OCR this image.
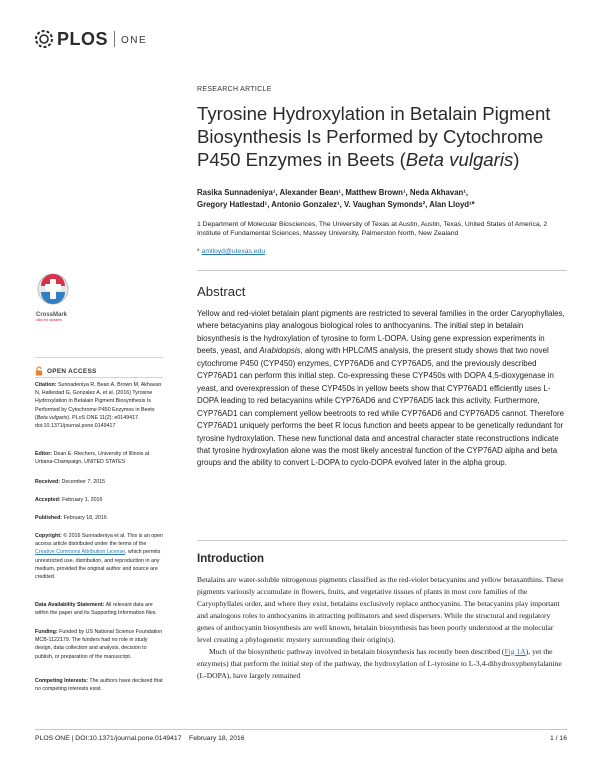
PLOS ONE
RESEARCH ARTICLE
Tyrosine Hydroxylation in Betalain Pigment Biosynthesis Is Performed by Cytochrome P450 Enzymes in Beets (Beta vulgaris)
Rasika Sunnadeniya¹, Alexander Bean¹, Matthew Brown¹, Neda Akhavan¹,
Gregory Hatlestad¹, Antonio Gonzalez¹, V. Vaughan Symonds², Alan Lloyd¹*
1 Department of Molecular Biosciences, The University of Texas at Austin, Austin, Texas, United States of America, 2 Institute of Fundamental Sciences, Massey University, Palmerston North, New Zealand
* amlloyd@utexas.edu
Abstract
Yellow and red-violet betalain plant pigments are restricted to several families in the order Caryophyllales, where betacyanins play analogous biological roles to anthocyanins. The initial step in betalain biosynthesis is the hydroxylation of tyrosine to form L-DOPA. Using gene expression experiments in beets, yeast, and Arabidopsis, along with HPLC/MS analysis, the present study shows that two novel cytochrome P450 (CYP450) enzymes, CYP76AD6 and CYP76AD5, and the previously described CYP76AD1 can perform this initial step. Co-expressing these CYP450s with DOPA 4,5-dioxygenase in yeast, and overexpression of these CYP450s in yellow beets show that CYP76AD1 efficiently uses L-DOPA leading to red betacyanins while CYP76AD6 and CYP76AD5 lack this activity. Furthermore, CYP76AD1 can complement yellow beetroots to red while CYP76AD6 and CYP76AD5 cannot. Therefore CYP76AD1 uniquely performs the beet R locus function and beets appear to be genetically redundant for tyrosine hydroxylation. These new functional data and ancestral character state reconstructions indicate that tyrosine hydroxylation alone was the most likely ancestral function of the CYP76AD alpha and beta groups and the ability to convert L-DOPA to cyclo-DOPA evolved later in the alpha group.
Introduction

Betalains are water-soluble nitrogenous pigments classified as the red-violet betacyanins and yellow betaxanthins. These pigments variously accumulate in flowers, fruits, and vegetative tissues of plants in most core families of the Caryophyllales order, and where they exist, betalains exclusively replace anthocyanins. The betacyanins play important and analogous roles to anthocyanins in attracting pollinators and seed dispersers. While the structural and regulatory genes of anthocyanin biosynthesis are well known, betalain biosynthesis has been poorly understood at the molecular level creating a phylogenetic mystery surrounding their origin(s).

Much of the biosynthetic pathway involved in betalain biosynthesis has recently been described (Fig 1A), yet the enzyme(s) that perform the initial step of the pathway, the hydroxylation of L-tyrosine to L-3,4-dihydroxyphenylalanine (L-DOPA), have largely remained

CrossMark
click for updates
OPEN ACCESS
Citation: Sunnadeniya R, Bean A, Brown M, Akhavan N, Hatlestad G, Gonzalez A, et al. (2016) Tyrosine Hydroxylation in Betalain Pigment Biosynthesis Is Performed by Cytochrome P450 Enzymes in Beets (Beta vulgaris). PLoS ONE 11(2): e0149417. doi:10.1371/journal.pone.0149417
Editor: Dean E. Riechers, University of Illinois at Urbana-Champaign, UNITED STATES
Received: December 7, 2015
Accepted: February 1, 2016
Published: February 18, 2016
Copyright: © 2016 Sunnadeniya et al. This is an open access article distributed under the terms of the Creative Commons Attribution License, which permits unrestricted use, distribution, and reproduction in any medium, provided the original author and source are credited.
Data Availability Statement: All relevant data are within the paper and its Supporting Information files.
Funding: Funded by US National Science Foundation MCB-1122179. The funders had no role in study design, data collection and analysis, decision to publish, or preparation of the manuscript.
Competing Interests: The authors have declared that no competing interests exist.
PLOS ONE | DOI:10.1371/journal.pone.0149417    February 18, 2016	1 / 16
